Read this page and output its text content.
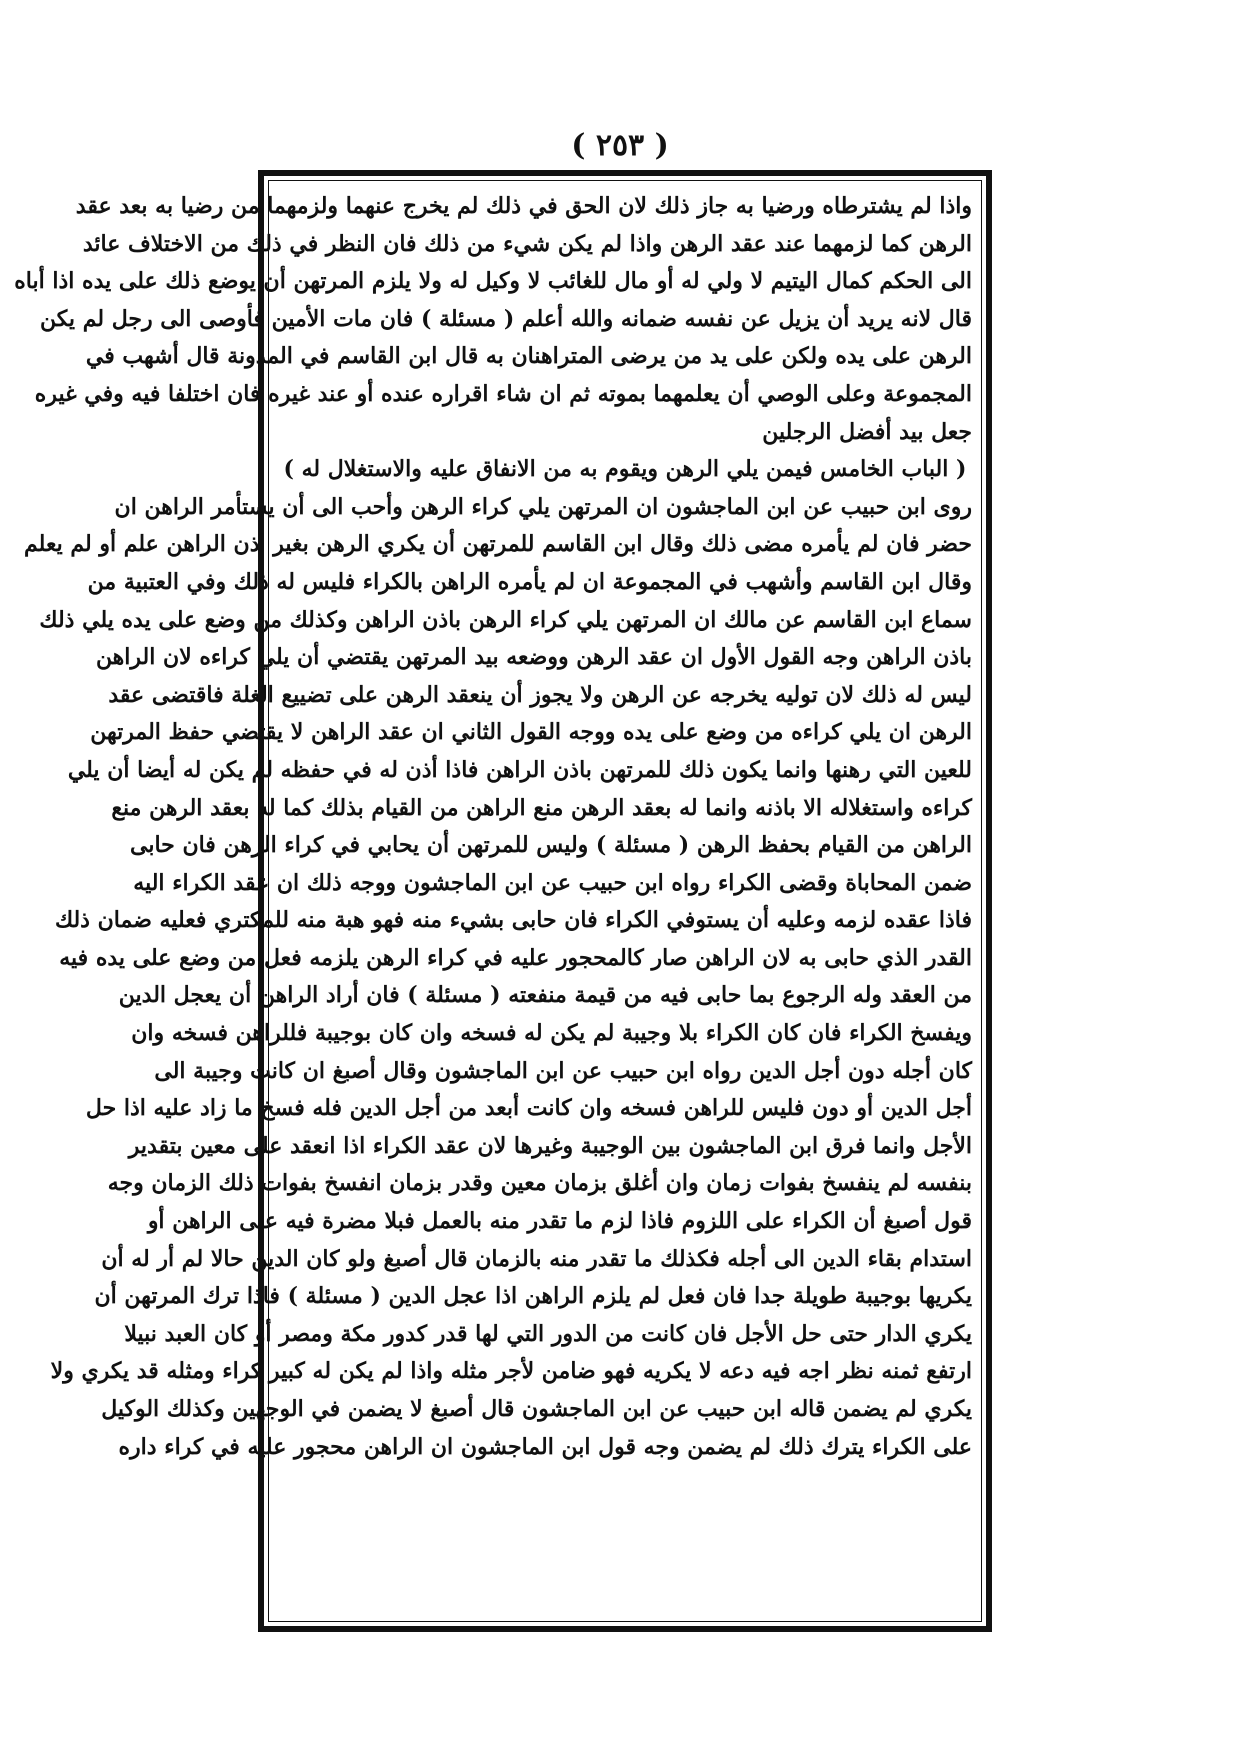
( ٢٥٣ )
واذا لم يشترطاه ورضيا به جاز ذلك لان الحق في ذلك لم يخرج عنهما ولزمهما من رضيا به بعد عقد
الرهن كما لزمهما عند عقد الرهن واذا لم يكن شيء من ذلك فان النظر في ذلك من الاختلاف عائد
الى الحكم كمال اليتيم لا ولي له أو مال للغائب لا وكيل له ولا يلزم المرتهن أن يوضع ذلك على يده اذا أباه
قال لانه يريد أن يزيل عن نفسه ضمانه والله أعلم ( مسئلة ) فان مات الأمين فأوصى الى رجل لم يكن
الرهن على يده ولكن على يد من يرضى المتراهنان به قال ابن القاسم في المدونة قال أشهب في
المجموعة وعلى الوصي أن يعلمهما بموته ثم ان شاء اقراره عنده أو عند غيره فان اختلفا فيه وفي غيره
جعل بيد أفضل الرجلين
( الباب الخامس فيمن يلي الرهن ويقوم به من الانفاق عليه والاستغلال له )
روى ابن حبيب عن ابن الماجشون ان المرتهن يلي كراء الرهن وأحب الى أن يستأمر الراهن ان
حضر فان لم يأمره مضى ذلك وقال ابن القاسم للمرتهن أن يكري الرهن بغير اذن الراهن علم أو لم يعلم
وقال ابن القاسم وأشهب في المجموعة ان لم يأمره الراهن بالكراء فليس له ذلك وفي العتبية من
سماع ابن القاسم عن مالك ان المرتهن يلي كراء الرهن باذن الراهن وكذلك من وضع على يده يلي ذلك
باذن الراهن وجه القول الأول ان عقد الرهن ووضعه بيد المرتهن يقتضي أن يلي كراءه لان الراهن
ليس له ذلك لان توليه يخرجه عن الرهن ولا يجوز أن ينعقد الرهن على تضييع الغلة فاقتضى عقد
الرهن ان يلي كراءه من وضع على يده ووجه القول الثاني ان عقد الراهن لا يقتضي حفظ المرتهن
للعين التي رهنها وانما يكون ذلك للمرتهن باذن الراهن فاذا أذن له في حفظه لم يكن له أيضا أن يلي
كراءه واستغلاله الا باذنه وانما له بعقد الرهن منع الراهن من القيام بذلك كما له بعقد الرهن منع
الراهن من القيام بحفظ الرهن ( مسئلة ) وليس للمرتهن أن يحابي في كراء الرهن فان حابى
ضمن المحاباة وقضى الكراء رواه ابن حبيب عن ابن الماجشون ووجه ذلك ان عقد الكراء اليه
فاذا عقده لزمه وعليه أن يستوفي الكراء فان حابى بشيء منه فهو هبة منه للمكتري فعليه ضمان ذلك
القدر الذي حابى به لان الراهن صار كالمحجور عليه في كراء الرهن يلزمه فعل من وضع على يده فيه
من العقد وله الرجوع بما حابى فيه من قيمة منفعته ( مسئلة ) فان أراد الراهن أن يعجل الدين
ويفسخ الكراء فان كان الكراء بلا وجيبة لم يكن له فسخه وان كان بوجيبة فللراهن فسخه وان
كان أجله دون أجل الدين رواه ابن حبيب عن ابن الماجشون وقال أصبغ ان كانت وجيبة الى
أجل الدين أو دون فليس للراهن فسخه وان كانت أبعد من أجل الدين فله فسخ ما زاد عليه اذا حل
الأجل وانما فرق ابن الماجشون بين الوجيبة وغيرها لان عقد الكراء اذا انعقد على معين بتقدير
بنفسه لم ينفسخ بفوات زمان وان أغلق بزمان معين وقدر بزمان انفسخ بفوات ذلك الزمان وجه
قول أصبغ أن الكراء على اللزوم فاذا لزم ما تقدر منه بالعمل فبلا مضرة فيه على الراهن أو
استدام بقاء الدين الى أجله فكذلك ما تقدر منه بالزمان قال أصبغ ولو كان الدين حالا لم أر له أن
يكريها بوجيبة طويلة جدا فان فعل لم يلزم الراهن اذا عجل الدين ( مسئلة ) فاذا ترك المرتهن أن
يكري الدار حتى حل الأجل فان كانت من الدور التي لها قدر كدور مكة ومصر أو كان العبد نبيلا
ارتفع ثمنه نظر اجه فيه دعه لا يكريه فهو ضامن لأجر مثله واذا لم يكن له كبير كراء ومثله قد يكري ولا
يكري لم يضمن قاله ابن حبيب عن ابن الماجشون قال أصبغ لا يضمن في الوجهين وكذلك الوكيل
على الكراء يترك ذلك لم يضمن وجه قول ابن الماجشون ان الراهن محجور عليه في كراء داره
